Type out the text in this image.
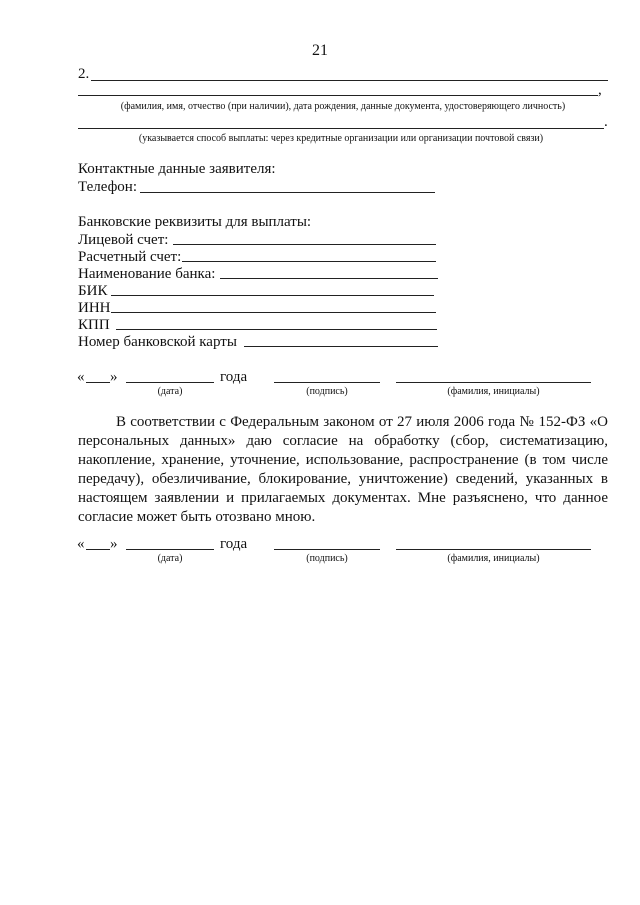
21
2.
,
(фамилия, имя, отчество (при наличии), дата рождения, данные документа, удостоверяющего личность)
.
(указывается способ выплаты: через кредитные организации или организации почтовой связи)
Контактные данные заявителя:
Телефон:
Банковские реквизиты для выплаты:
Лицевой счет:
Расчетный счет:
Наименование банка:
БИК
ИНН
КПП
Номер банковской карты
« »	года
(дата)	(подпись)	(фамилия, инициалы)
В соответствии с Федеральным законом от 27 июля 2006 года № 152-ФЗ «О персональных данных» даю согласие на обработку (сбор, систематизацию, накопление, хранение, уточнение, использование, распространение (в том числе передачу), обезличивание, блокирование, уничтожение) сведений, указанных в настоящем заявлении и прилагаемых документах. Мне разъяснено, что данное согласие может быть отозвано мною.
« »	года
(дата)	(подпись)	(фамилия, инициалы)
